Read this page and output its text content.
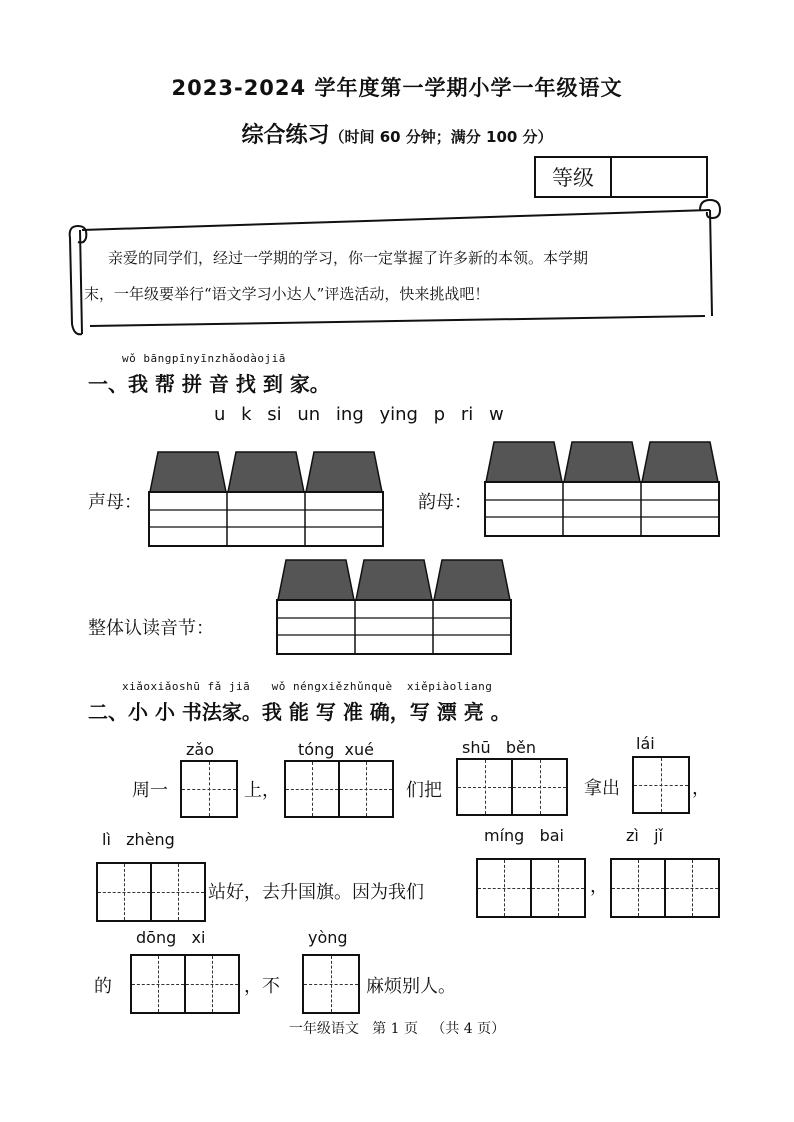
2023-2024 学年度第一学期小学一年级语文
综合练习（时间 60 分钟；满分 100 分）
等级

亲爱的同学们，经过一学期的学习，你一定掌握了许多新的本领。本学期

末，一年级要举行“语文学习小达人”评选活动，快来挑战吧！

wǒ bāngpīnyīnzhǎodàojiā
一、我 帮 拼 音 找 到 家。
u k si un ing ying p ri w
声母：	韵母：
整体认读音节：
xiǎoxiǎoshū fǎ jiā   wǒ néngxiězhǔnquè  xiěpiàoliang
二、小 小 书法家。我 能 写 准 确，写 漂 亮 。
zǎo
周一	上，
tóng  xué
们把
shū   běn
拿出
lái
，
lì   zhèng
站好，去升国旗。因为我们
míng   bai
，
zì   jǐ
的
dōng   xi
，不
yòng
麻烦别人。
一年级语文   第 1 页   （共 4 页）
